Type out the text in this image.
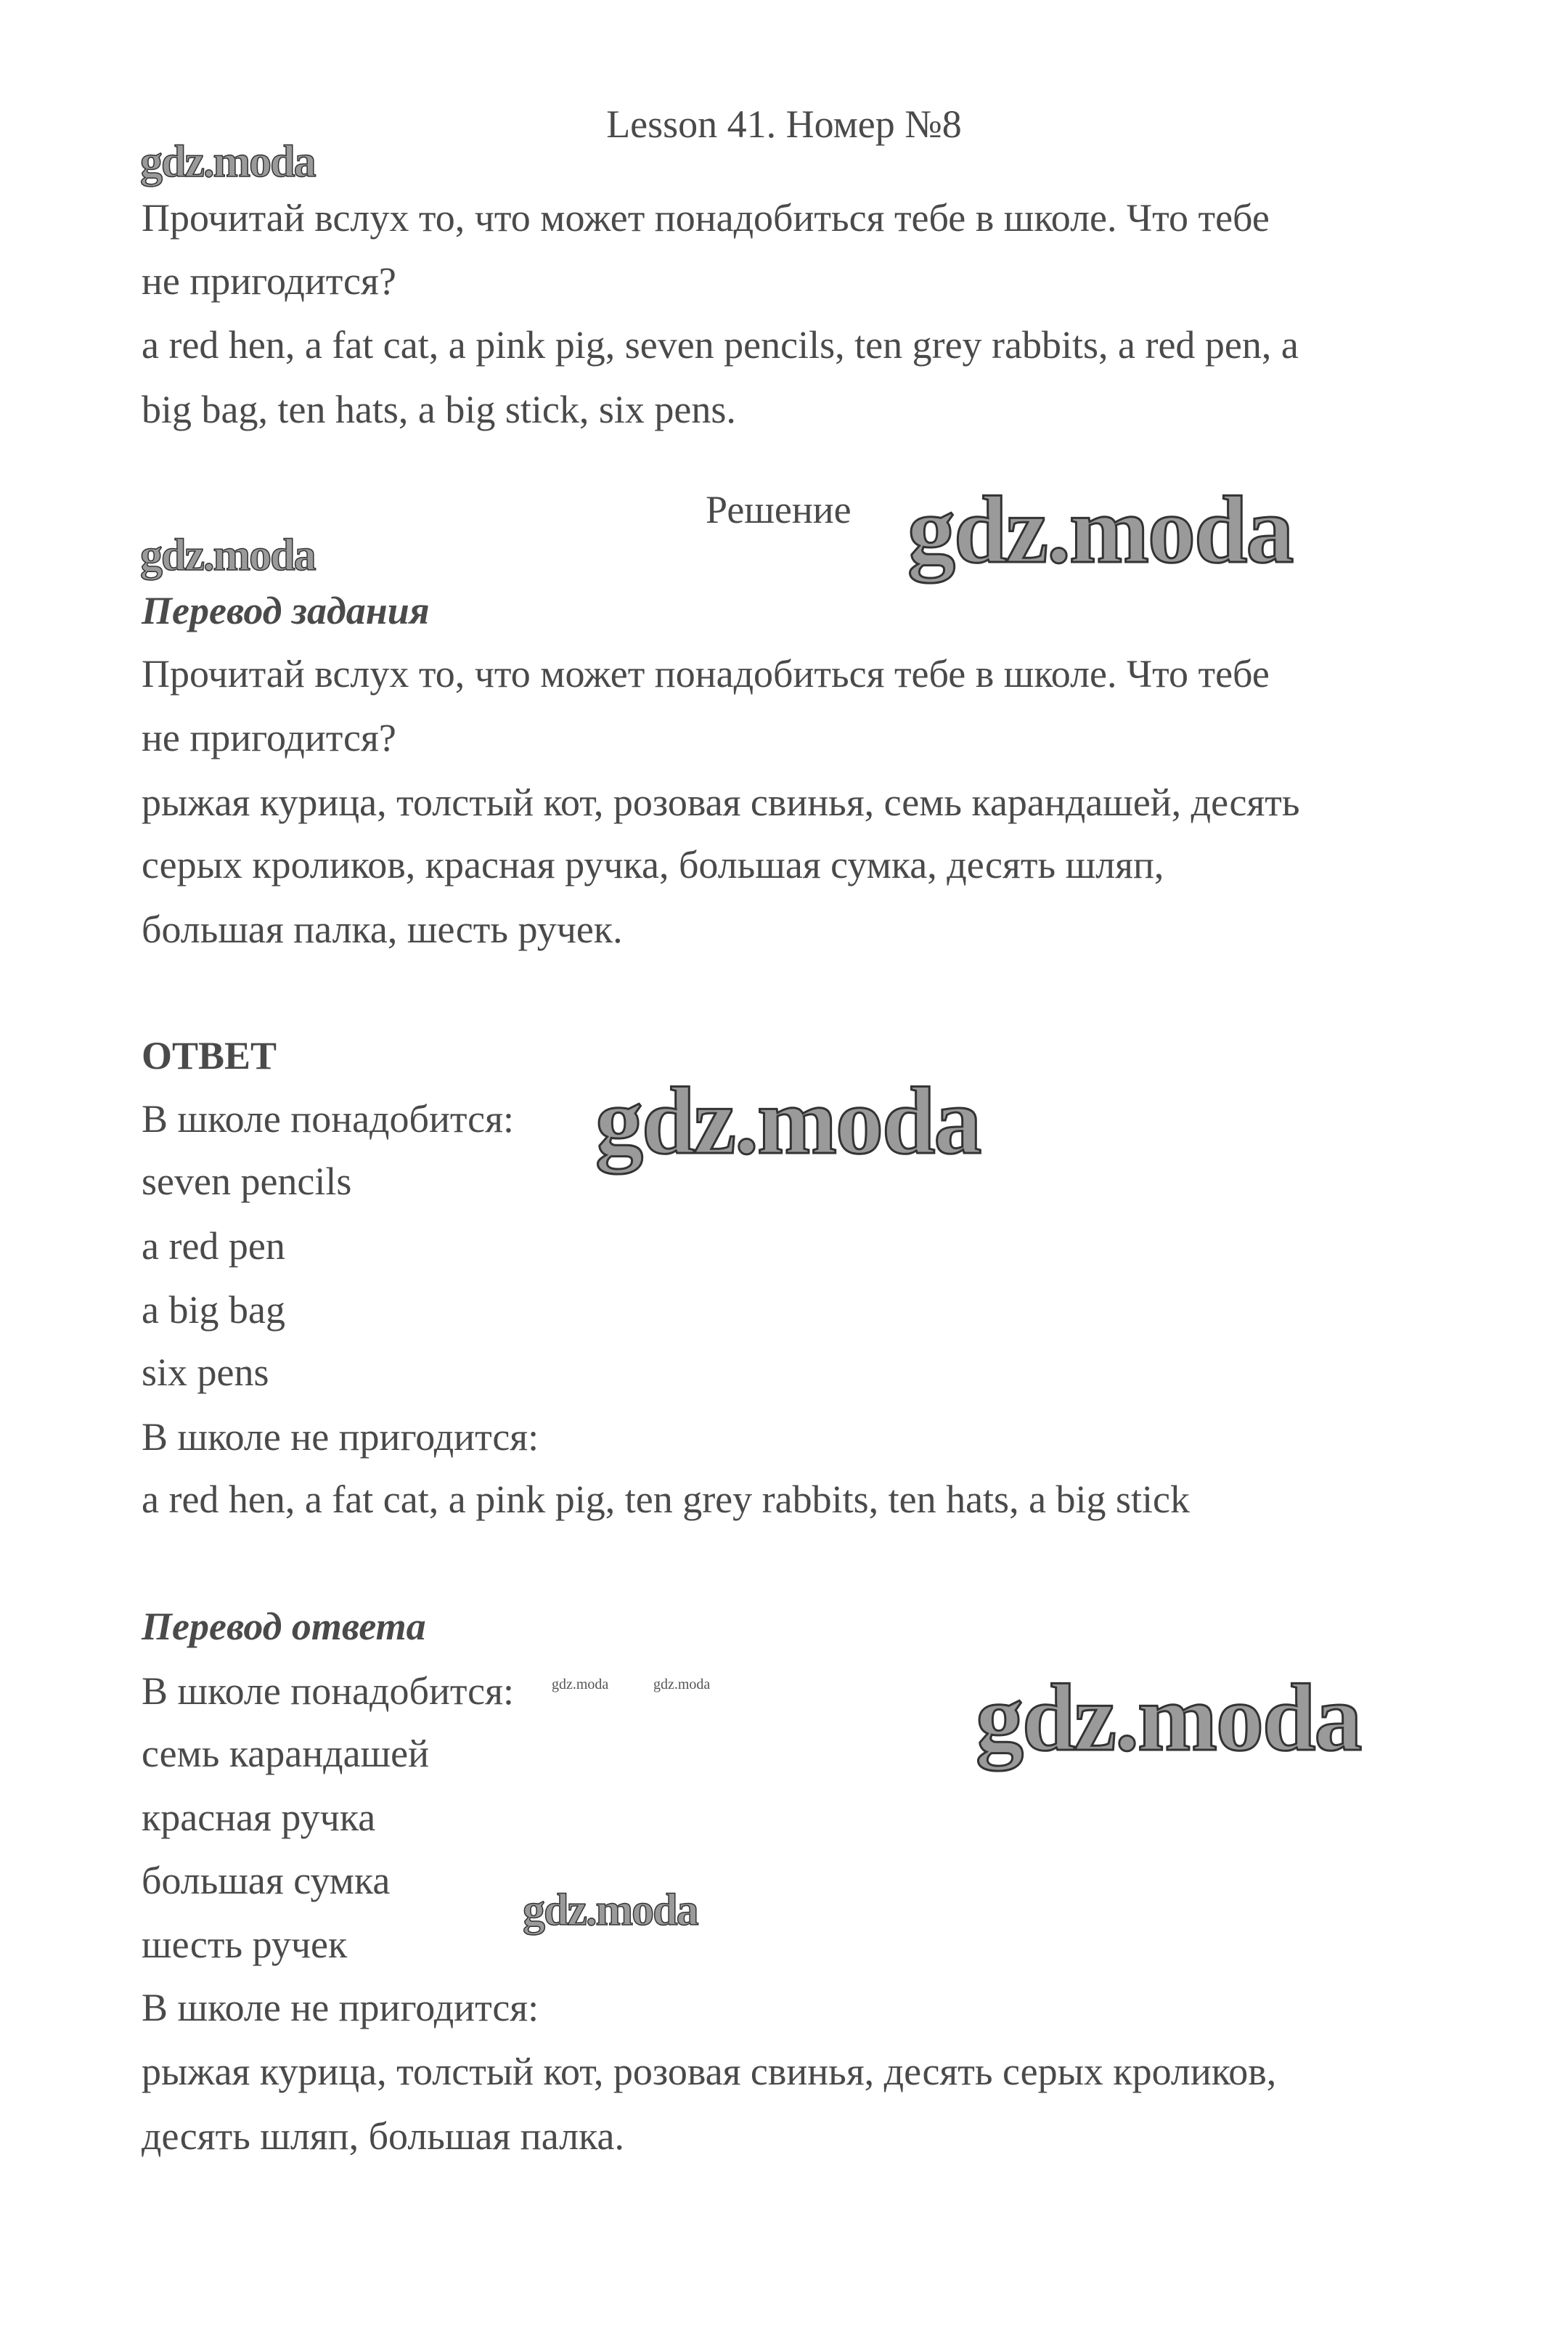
Lesson 41. Номер №8
Прочитай вслух то, что может понадобиться тебе в школе. Что тебе
не пригодится?
a red hen, a fat cat, a pink pig, seven pencils, ten grey rabbits, a red pen, a
big bag, ten hats, a big stick, six pens.
Решение
Перевод задания
Прочитай вслух то, что может понадобиться тебе в школе. Что тебе
не пригодится?
рыжая курица, толстый кот, розовая свинья, семь карандашей, десять
серых кроликов, красная ручка, большая сумка, десять шляп,
большая палка, шесть ручек.
ОТВЕТ
В школе понадобится:
seven pencils
a red pen
a big bag
six pens
В школе не пригодится:
a red hen, a fat cat, a pink pig, ten grey rabbits, ten hats, a big stick
Перевод ответа
В школе понадобится:
семь карандашей
красная ручка
большая сумка
шесть ручек
В школе не пригодится:
рыжая курица, толстый кот, розовая свинья, десять серых кроликов,
десять шляп, большая палка.
gdz.moda
gdz.moda
gdz.moda
gdz.moda
gdz.moda
gdz.moda	gdz.moda
gdz.moda
